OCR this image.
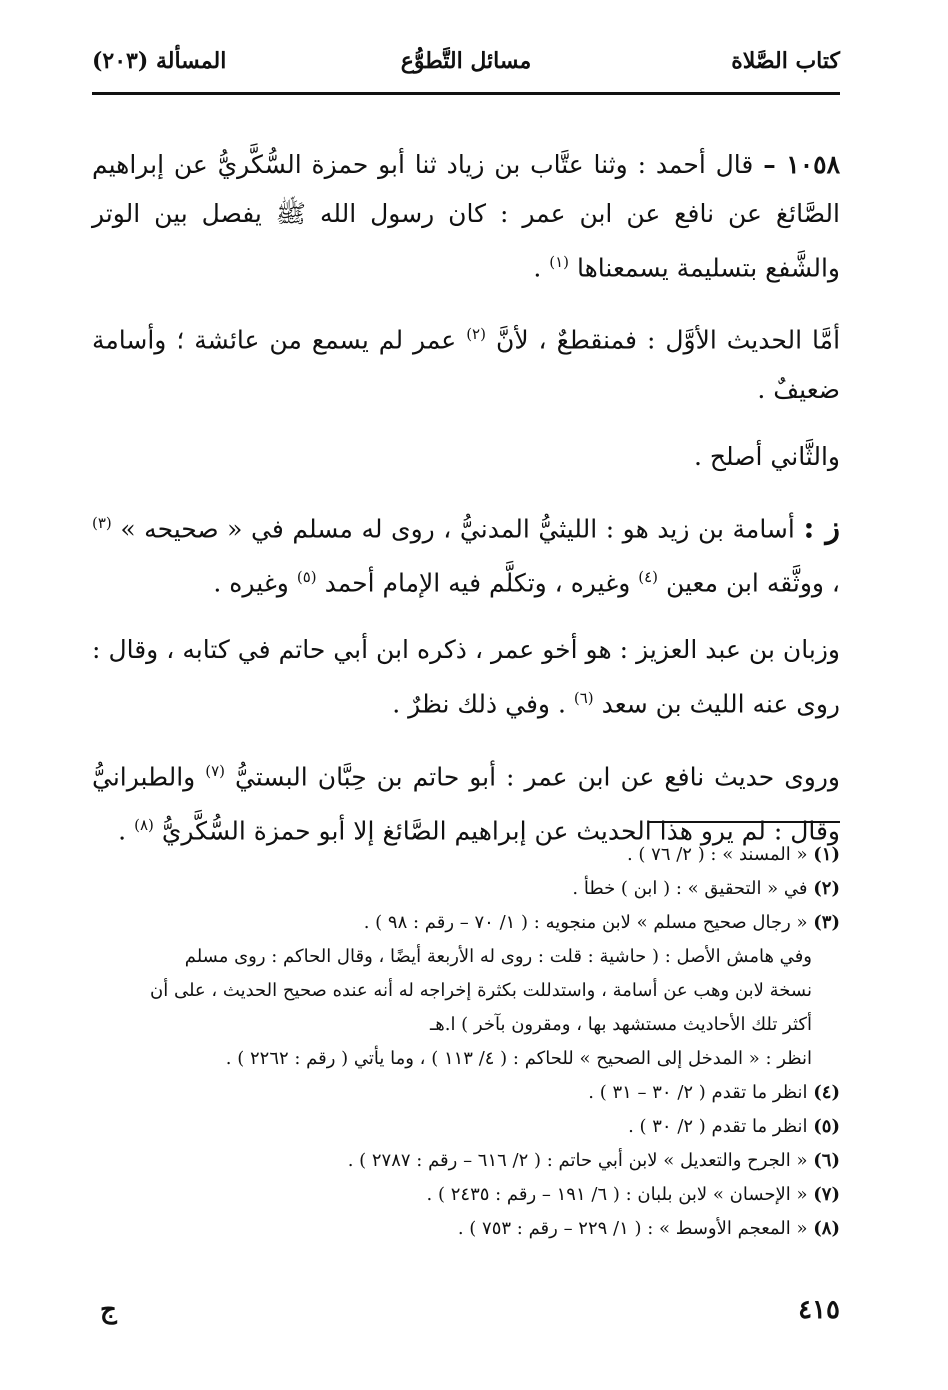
كتاب الصَّلاة
مسائل التَّطوُّع
المسألة (٢٠٣)

١٠٥٨ – قال أحمد : وثنا عتَّاب بن زياد ثنا أبو حمزة السُّكَّريُّ عن إبراهيم الصَّائغ عن نافع عن ابن عمر : كان رسول الله ﷺ يفصل بين الوتر والشَّفع بتسليمة يسمعناها $^{(١)}$ .

أمَّا الحديث الأوَّل : فمنقطعٌ ، لأنَّ $^{(٢)}$ عمر لم يسمع من عائشة ؛ وأسامة ضعيفٌ .

والثَّاني أصلح .

ز : أسامة بن زيد هو : الليثيُّ المدنيُّ ، روى له مسلم في « صحيحه » $^{(٣)}$ ، ووثَّقه ابن معين $^{(٤)}$ وغيره ، وتكلَّم فيه الإمام أحمد $^{(٥)}$ وغيره .

وزبان بن عبد العزيز : هو أخو عمر ، ذكره ابن أبي حاتم في كتابه ، وقال : روى عنه الليث بن سعد $^{(٦)}$ . وفي ذلك نظرٌ .

وروى حديث نافع عن ابن عمر : أبو حاتم بن حِبَّان البستيُّ $^{(٧)}$ والطبرانيُّ وقال : لم يرو هذا الحديث عن إبراهيم الصَّائغ إلا أبو حمزة السُّكَّريُّ $^{(٨)}$ .

(١) « المسند » : ( ٢/ ٧٦ ) .

(٢) في « التحقيق » : ( ابن ) خطأ .

(٣) « رجال صحيح مسلم » لابن منجويه : ( ١/ ٧٠ – رقم : ٩٨ ) .

وفي هامش الأصل : ( حاشية : قلت : روى له الأربعة أيضًا ، وقال الحاكم : روى مسلم

نسخة لابن وهب عن أسامة ، واستدللت بكثرة إخراجه له أنه عنده صحيح الحديث ، على أن

أكثر تلك الأحاديث مستشهد بها ، ومقرون بآخر ) ا.هـ

انظر : « المدخل إلى الصحيح » للحاكم : ( ٤/ ١١٣ ) ، وما يأتي ( رقم : ٢٢٦٢ ) .

(٤) انظر ما تقدم ( ٢/ ٣٠ – ٣١ ) .

(٥) انظر ما تقدم ( ٢/ ٣٠ ) .

(٦) « الجرح والتعديل » لابن أبي حاتم : ( ٢/ ٦١٦ – رقم : ٢٧٨٧ ) .

(٧) « الإحسان » لابن بلبان : ( ٦/ ١٩١ – رقم : ٢٤٣٥ ) .

(٨) « المعجم الأوسط » : ( ١/ ٢٢٩ – رقم : ٧٥٣ ) .

٤١٥
ج
